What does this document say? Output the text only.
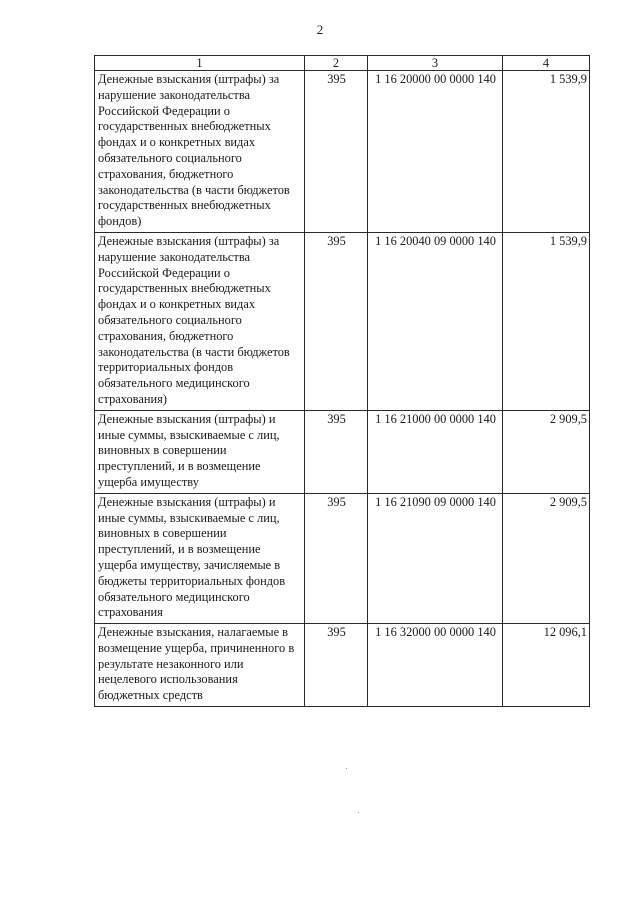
2
1	2	3	4
Денежные взыскания (штрафы) за нарушение законодательства Российской Федерации о государственных внебюджетных фондах и о конкретных видах обязательного социального страхования, бюджетного законодательства (в части бюджетов государственных внебюджетных фондов)	395	1 16 20000 00 0000 140	1 539,9
Денежные взыскания (штрафы) за нарушение законодательства Российской Федерации о государственных внебюджетных фондах и о конкретных видах обязательного социального страхования, бюджетного законодательства (в части бюджетов территориальных фондов обязательного медицинского страхования)	395	1 16 20040 09 0000 140	1 539,9
Денежные взыскания (штрафы) и иные суммы, взыскиваемые с лиц, виновных в совершении преступлений, и в возмещение ущерба имуществу	395	1 16 21000 00 0000 140	2 909,5
Денежные взыскания (штрафы) и иные суммы, взыскиваемые с лиц, виновных в совершении преступлений, и в возмещение ущерба имуществу, зачисляемые в бюджеты территориальных фондов обязательного медицинского страхования	395	1 16 21090 09 0000 140	2 909,5
Денежные взыскания, налагаемые в возмещение ущерба, причиненного в результате незаконного или нецелевого использования бюджетных средств	395	1 16 32000 00 0000 140	12 096,1
